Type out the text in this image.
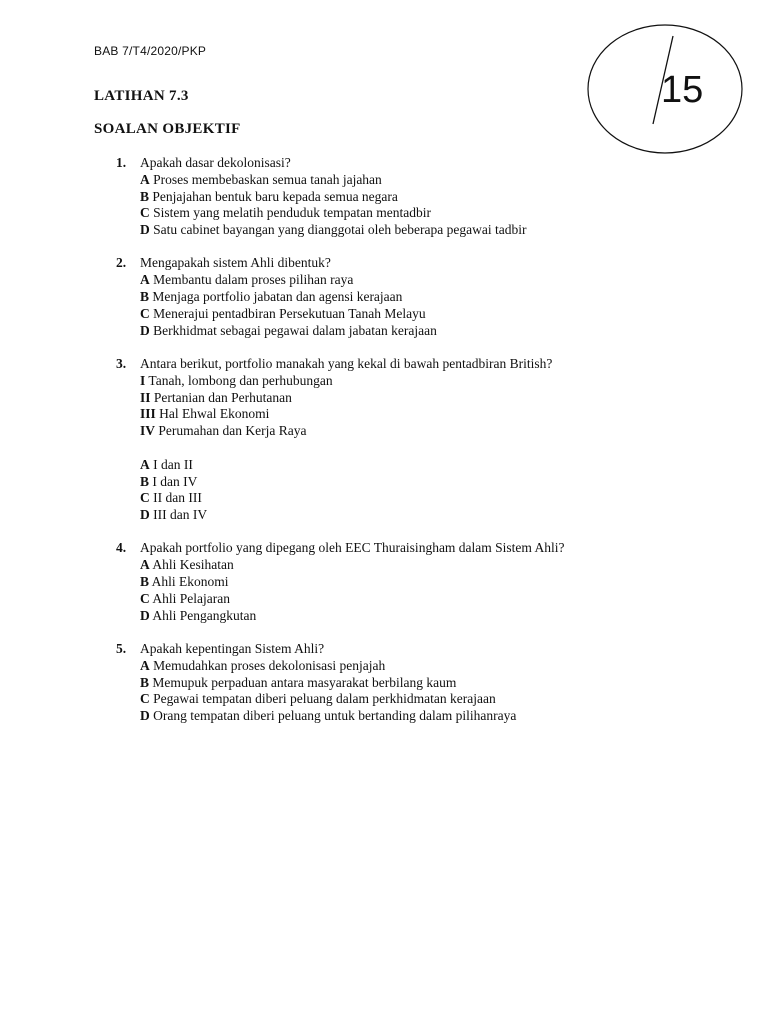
BAB 7/T4/2020/PKP
15
LATIHAN 7.3
SOALAN OBJEKTIF
1. Apakah dasar dekolonisasi?
A Proses membebaskan semua tanah jajahan
B Penjajahan bentuk baru kepada semua negara
C Sistem yang melatih penduduk tempatan mentadbir
D Satu cabinet bayangan yang dianggotai oleh beberapa pegawai tadbir
2. Mengapakah sistem Ahli dibentuk?
A Membantu dalam proses pilihan raya
B Menjaga portfolio jabatan dan agensi kerajaan
C Menerajui pentadbiran Persekutuan Tanah Melayu
D Berkhidmat sebagai pegawai dalam jabatan kerajaan
3. Antara berikut, portfolio manakah yang kekal di bawah pentadbiran British?
I Tanah, lombong dan perhubungan
II Pertanian dan Perhutanan
III Hal Ehwal Ekonomi
IV Perumahan dan Kerja Raya
A I dan II
B I dan IV
C II dan III
D III dan IV
4. Apakah portfolio yang dipegang oleh EEC Thuraisingham dalam Sistem Ahli?
A Ahli Kesihatan
B Ahli Ekonomi
C Ahli Pelajaran
D Ahli Pengangkutan
5. Apakah kepentingan Sistem Ahli?
A Memudahkan proses dekolonisasi penjajah
B Memupuk perpaduan antara masyarakat berbilang kaum
C Pegawai tempatan diberi peluang dalam perkhidmatan kerajaan
D Orang tempatan diberi peluang untuk bertanding dalam pilihanraya
